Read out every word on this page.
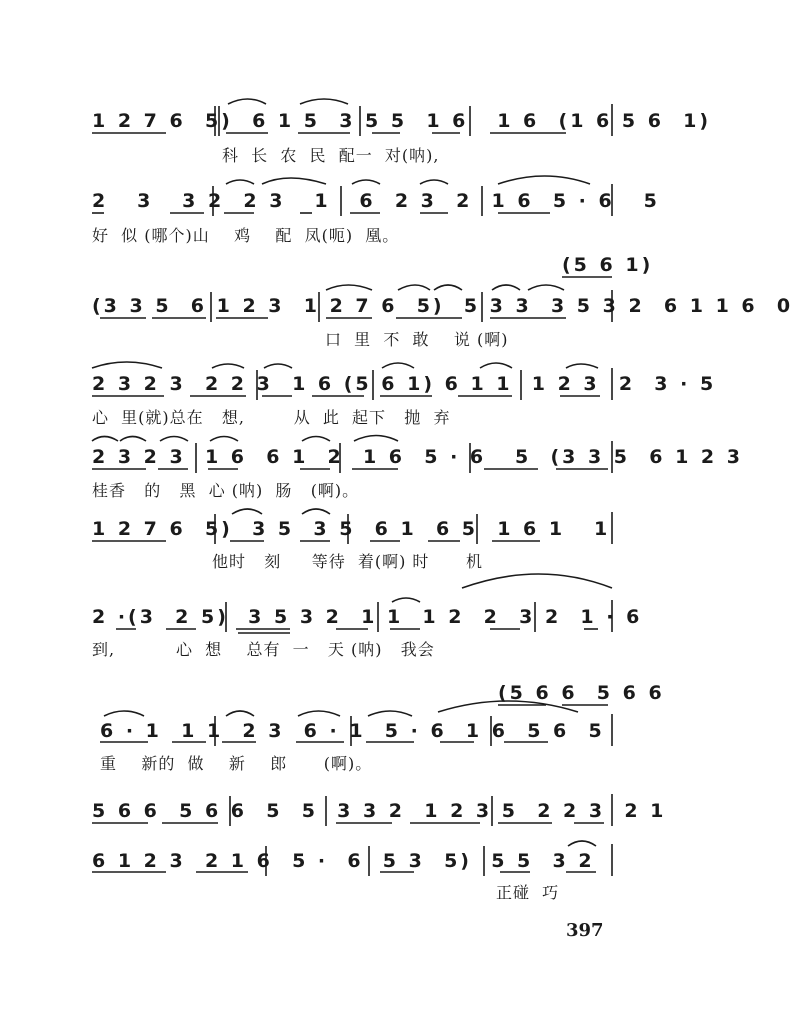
1 2 7 6  5)  6 1 5  3 5 5  1 6   1 6  (1 6 5 6  1)
科  长  农  民  配一  对(呐),
2   3   3 2  2 3   1   6  2 3  2  1 6  5 · 6   5
好  似 (哪个)山    鸡    配  凤(呃)  凰。
(5 6 1)
(3 3 5  6 1 2 3  1 2 7 6  5)  5 3 3  3 5 3 2  6 1 1 6  0
口  里  不  敢    说 (啊)
2 3 2 3  2 2 3  1 6 (5 6 1) 6 1 1  1 2 3  2  3 · 5
心  里(就)总在   想,        从  此  起下   抛  弃
2 3 2 3  1 6  6 1  2  1 6  5 · 6   5  (3 3 5  6 1 2 3
桂香   的   黑  心 (呐)  肠   (啊)。
1 2 7 6  5)  3 5  3 5  6 1  6 5  1 6 1   1
他时   刻     等待  着(啊) 时      机
2 ·(3  2 5)  3 5 3 2  1 1  1 2  2  3 2  1 · 6
到,          心  想    总有  一   天 (呐)   我会
(5 6 6  5 6 6
6 · 1  1 1  2 3  6 · 1  5 · 6  1 6  5 6  5
重    新的  做    新    郎      (啊)。
5 6 6  5 6 6  5  5  3 3 2  1 2 3 5  2 2 3  2 1
6 1 2 3  2 1 6  5 ·  6  5 3  5)  5 5  3 2
正碰  巧
397
